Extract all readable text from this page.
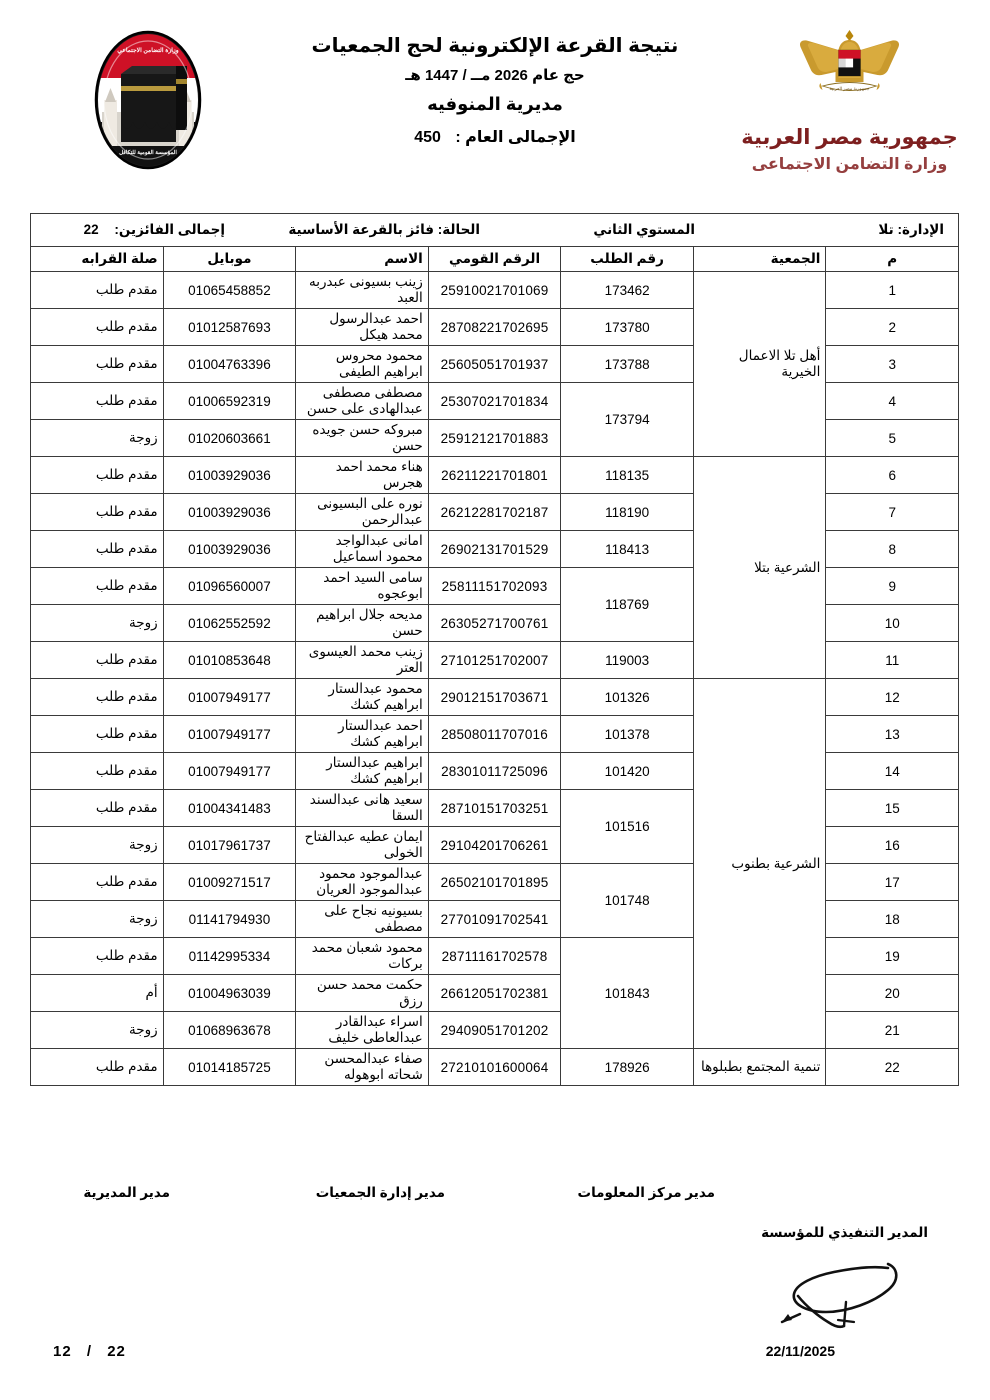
وزارة التضامن الاجتماعي
المؤسسة القومية للتكافل
نتيجة القرعة الإلكترونية لحج الجمعيات
حج عام 2026 مــ / 1447 هـ
مديرية المنوفيه
الإجمالى العام : 450
جمهورية مصر العربية
جمهورية مصر العربية
وزارة التضامن الاجتماعى
الإدارة: تلا
المستوي الثاني
الحالة: فائز بالقرعة الأساسية
إجمالى الفائزين: 22						

م	الجمعية	رقم الطلب	الرقم القومي	الاسم	موبايل	صلة القرابه
1	أهل تلا الاعمال الخيرية	173462	25910021701069	زينب بسيونى عبدربه العبد	01065458852	مقدم طلب
2		173780	28708221702695	احمد عبدالرسول محمد هيكل	01012587693	مقدم طلب
3		173788	25605051701937	محمود محروس ابراهيم الطيفى	01004763396	مقدم طلب
4		173794	25307021701834	مصطفى مصطفى عبدالهادى على حسن	01006592319	مقدم طلب
5			25912121701883	مبروكه حسن جويده حسن	01020603661	زوجة
6	الشرعية بتلا	118135	26211221701801	هناء محمد احمد هجرس	01003929036	مقدم طلب
7		118190	26212281702187	نوره على البسيونى عبدالرحمن	01003929036	مقدم طلب
8		118413	26902131701529	امانى عبدالواجد محمود اسماعيل	01003929036	مقدم طلب
9		118769	25811151702093	سامى السيد احمد ابوعجوه	01096560007	مقدم طلب
10			26305271700761	مديحه جلال ابراهيم حسن	01062552592	زوجة
11		119003	27101251702007	زينب محمد العيسوى العتر	01010853648	مقدم طلب
12	الشرعية بطنوب	101326	29012151703671	محمود عبدالستار ابراهيم كشك	01007949177	مقدم طلب
13		101378	28508011707016	احمد عبدالستار ابراهيم كشك	01007949177	مقدم طلب
14		101420	28301011725096	ابراهيم عبدالستار ابراهيم كشك	01007949177	مقدم طلب
15		101516	28710151703251	سعيد هانى عبدالسند السقا	01004341483	مقدم طلب
16			29104201706261	ايمان عطيه عبدالفتاح الخولى	01017961737	زوجة
17		101748	26502101701895	عبدالموجود محمود عبدالموجود العريان	01009271517	مقدم طلب
18			27701091702541	بسيونيه نجاح على مصطفى	01141794930	زوجة
19		101843	28711161702578	محمود شعبان محمد بركات	01142995334	مقدم طلب
20			26612051702381	حكمت محمد حسن رزق	01004963039	أم
21			29409051701202	اسراء عبدالقادر عبدالعاطى خليف	01068963678	زوجة
22	تنمية المجتمع بطبلوها	178926	27210101600064	صفاء عبدالمحسن شحاته ابوهوله	01014185725	مقدم طلب
مدير المديرية	مدير إدارة الجمعيات	مدير مركز المعلومات
المدير التنفيذي للمؤسسة
22/11/2025
12 / 22
